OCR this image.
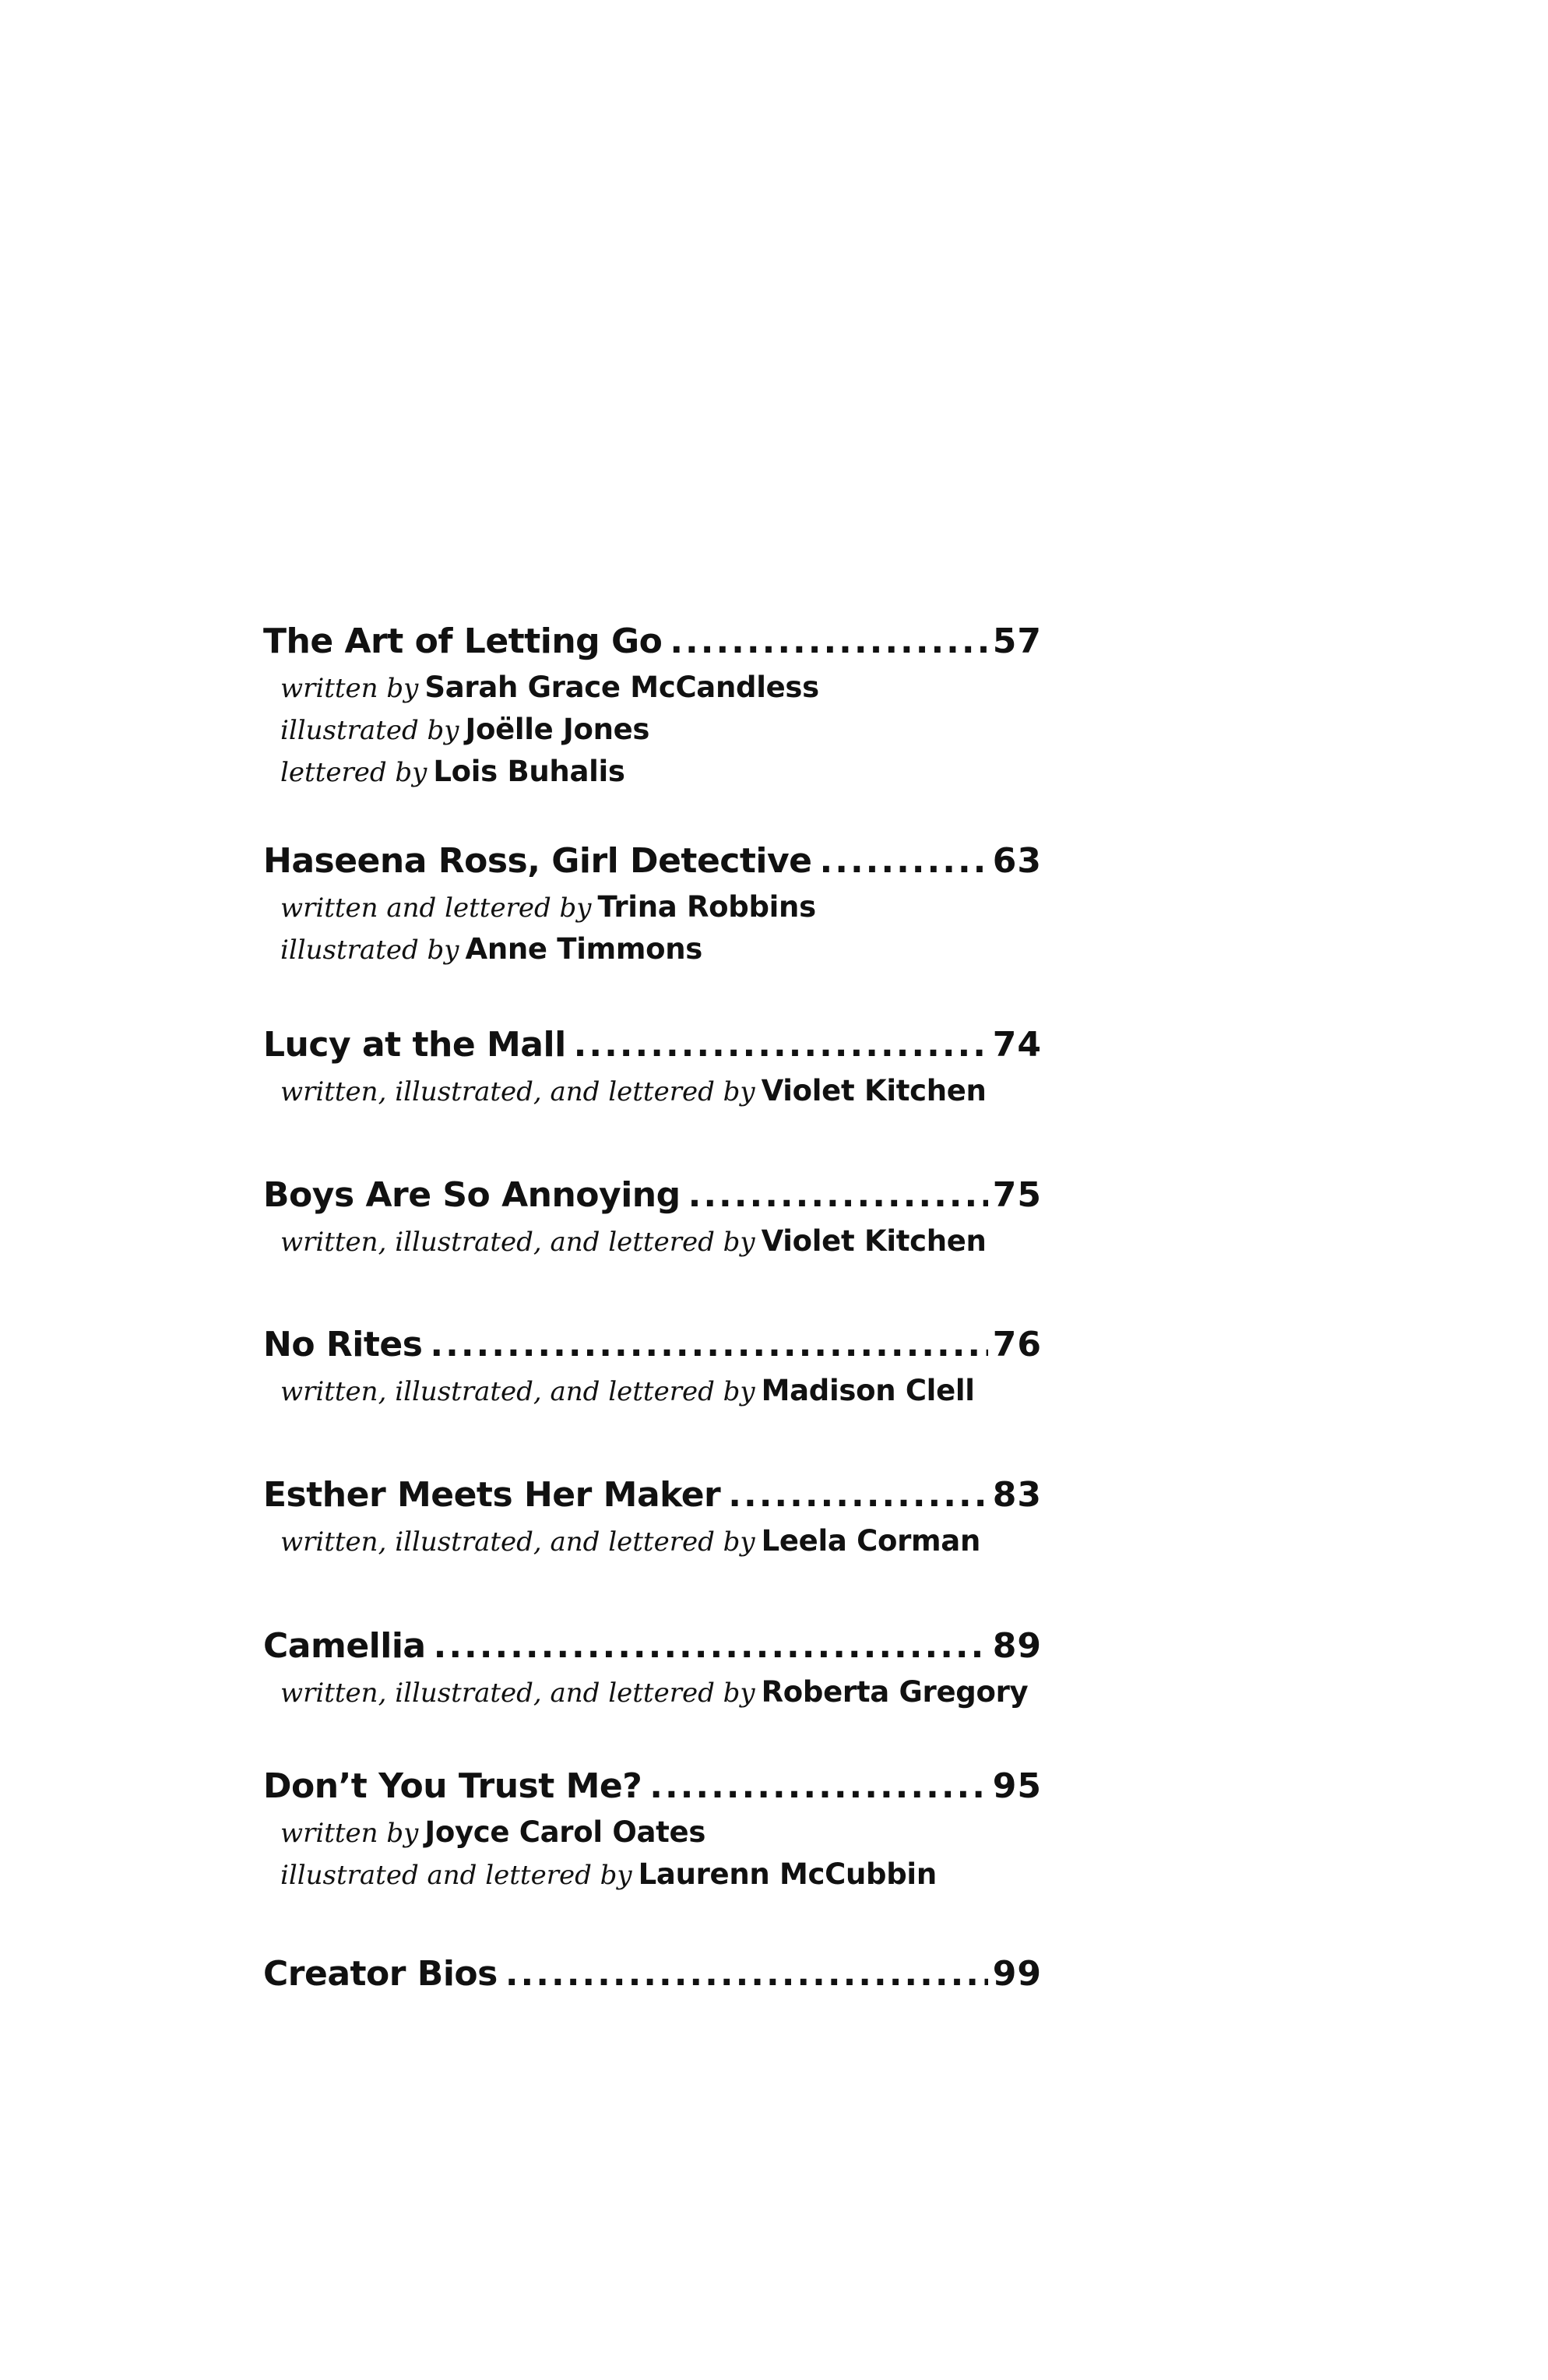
The Art of Letting Go .....	57
written by Sarah Grace McCandless
illustrated by Joëlle Jones
lettered by Lois Buhalis
Haseena Ross, Girl Detective .....	63
written and lettered by Trina Robbins
illustrated by Anne Timmons
Lucy at the Mall .....	74
written, illustrated, and lettered by Violet Kitchen
Boys Are So Annoying .....	75
written, illustrated, and lettered by Violet Kitchen
No Rites .....	76
written, illustrated, and lettered by Madison Clell
Esther Meets Her Maker .....	83
written, illustrated, and lettered by Leela Corman
Camellia .....	89
written, illustrated, and lettered by Roberta Gregory
Don’t You Trust Me? .....	95
written by Joyce Carol Oates
illustrated and lettered by Laurenn McCubbin
Creator Bios .....	99
